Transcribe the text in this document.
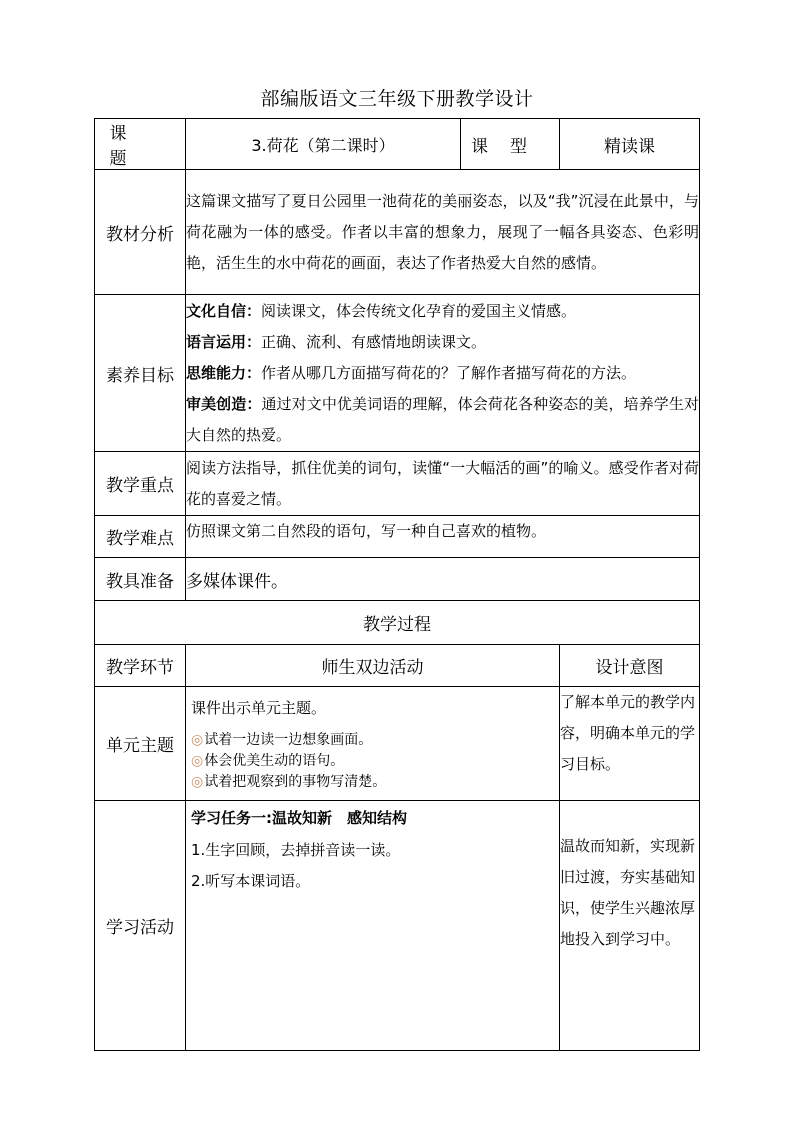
部编版语文三年级下册教学设计
课题	3.荷花（第二课时）	课型	精读课
教材分析	这篇课文描写了夏日公园里一池荷花的美丽姿态，以及“我”沉浸在此景中，与荷花融为一体的感受。作者以丰富的想象力，展现了一幅各具姿态、色彩明艳，活生生的水中荷花的画面，表达了作者热爱大自然的感情。		
素养目标	文化自信：阅读课文，体会传统文化孕育的爱国主义情感。

语言运用：正确、流利、有感情地朗读课文。

思维能力：作者从哪几方面描写荷花的？了解作者描写荷花的方法。

审美创造：通过对文中优美词语的理解，体会荷花各种姿态的美，培养学生对大自然的热爱。		

教学重点	阅读方法指导，抓住优美的词句，读懂“一大幅活的画”的喻义。感受作者对荷花的喜爱之情。		
教学难点	仿照课文第二自然段的语句，写一种自己喜欢的植物。		
教具准备	多媒体课件。		
教学过程			
教学环节	师生双边活动		设计意图
单元主题	课件出示单元主题。

◎试着一边读一边想象画面。
◎体会优美生动的语句。
◎试着把观察到的事物写清楚。		了解本单元的教学内容，明确本单元的学习目标。
学习活动	学习任务一:温故知新　感知结构

1.生字回顾，去掉拼音读一读。

2.听写本课词语。		温故而知新，实现新旧过渡，夯实基础知识，使学生兴趣浓厚地投入到学习中。
